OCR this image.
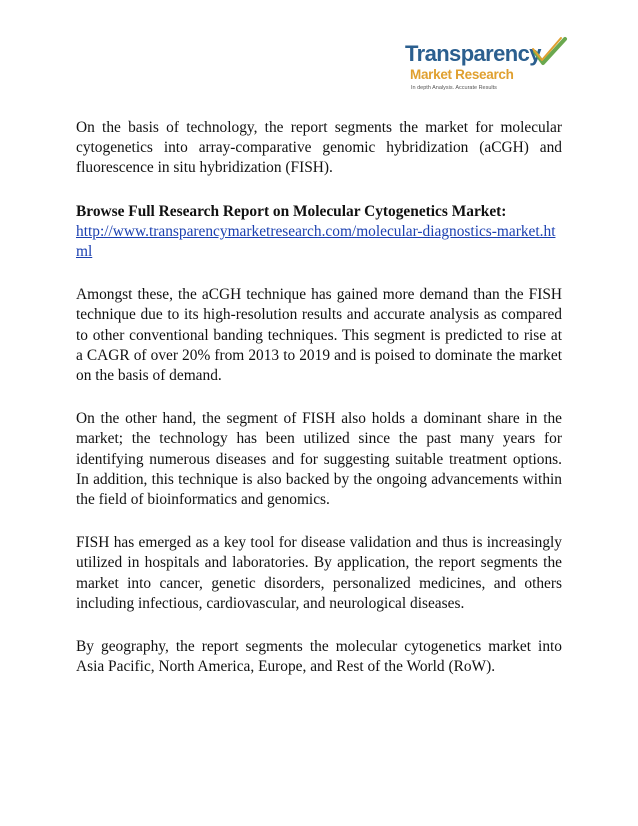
Transparency
Market Research
In depth Analysis. Accurate Results

On the basis of technology, the report segments the market for molecular cytogenetics into array-comparative genomic hybridization (aCGH) and fluorescence in situ hybridization (FISH).

Browse Full Research Report on Molecular Cytogenetics Market:
http://www.transparencymarketresearch.com/molecular-diagnostics-market.html

Amongst these, the aCGH technique has gained more demand than the FISH technique due to its high-resolution results and accurate analysis as compared to other conventional banding techniques. This segment is predicted to rise at a CAGR of over 20% from 2013 to 2019 and is poised to dominate the market on the basis of demand.

On the other hand, the segment of FISH also holds a dominant share in the market; the technology has been utilized since the past many years for identifying numerous diseases and for suggesting suitable treatment options. In addition, this technique is also backed by the ongoing advancements within the field of bioinformatics and genomics.

FISH has emerged as a key tool for disease validation and thus is increasingly utilized in hospitals and laboratories. By application, the report segments the market into cancer, genetic disorders, personalized medicines, and others including infectious, cardiovascular, and neurological diseases.

By geography, the report segments the molecular cytogenetics market into Asia Pacific, North America, Europe, and Rest of the World (RoW).
